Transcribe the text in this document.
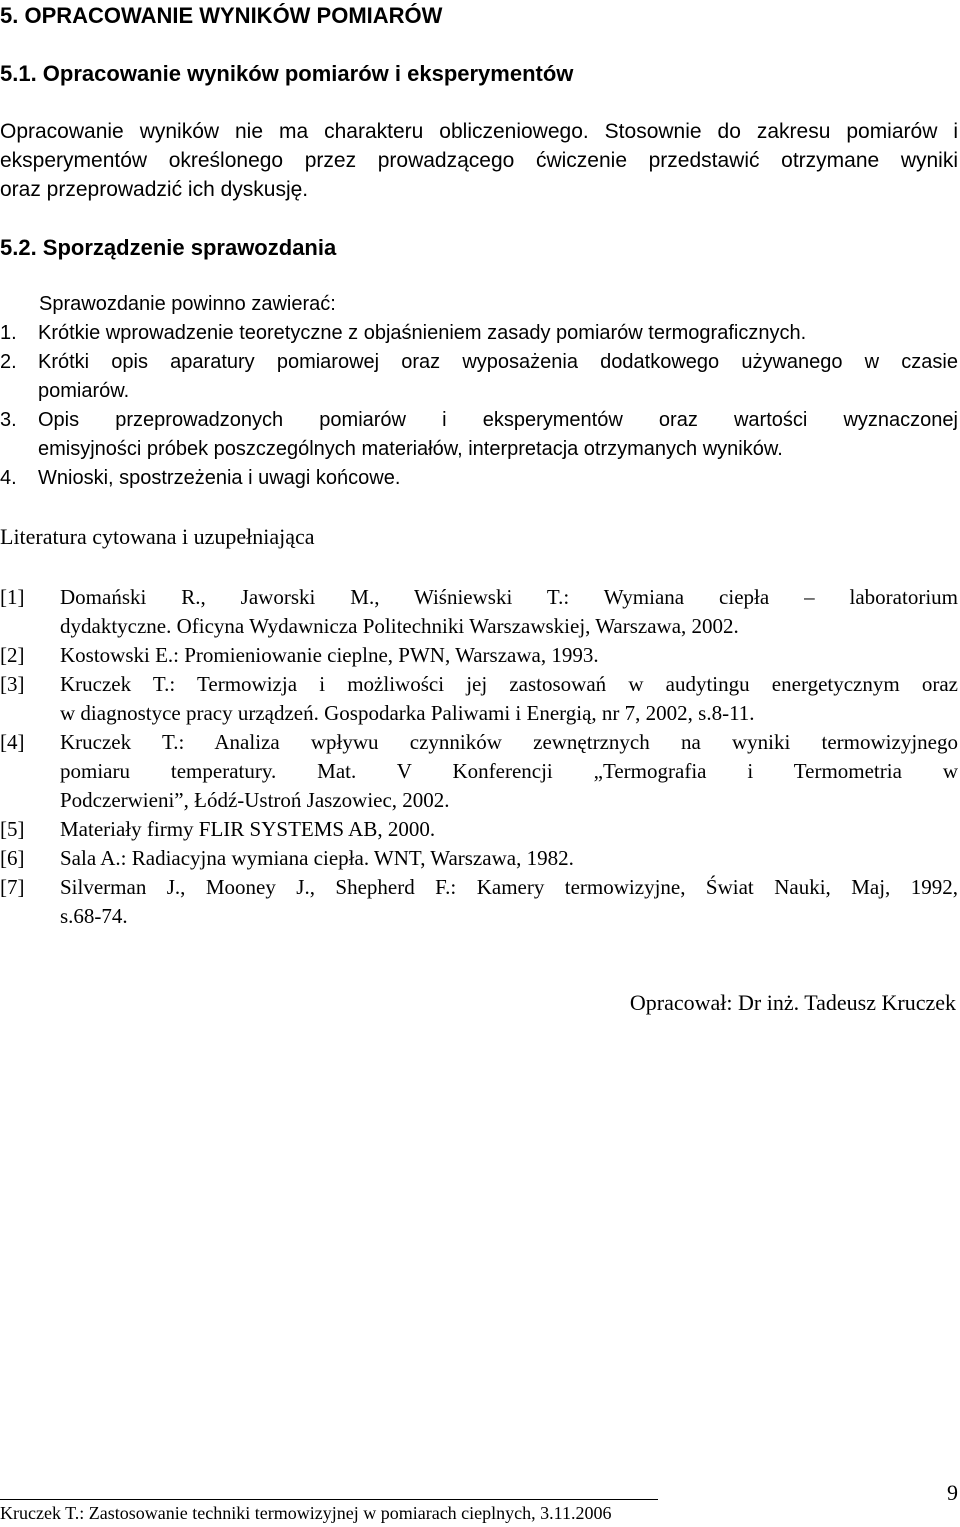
5. OPRACOWANIE WYNIKÓW POMIARÓW
5.1. Opracowanie wyników pomiarów i eksperymentów
Opracowanie wyników nie ma charakteru obliczeniowego. Stosownie do zakresu pomiarów i
eksperymentów określonego przez prowadzącego ćwiczenie przedstawić otrzymane wyniki
oraz przeprowadzić ich dyskusję.
5.2. Sporządzenie sprawozdania
Sprawozdanie powinno zawierać:
1. Krótkie wprowadzenie teoretyczne z objaśnieniem zasady pomiarów termograficznych.
2. Krótki opis aparatury pomiarowej oraz wyposażenia dodatkowego używanego w czasie
pomiarów.
3. Opis przeprowadzonych pomiarów i eksperymentów oraz wartości wyznaczonej
emisyjności próbek poszczególnych materiałów, interpretacja otrzymanych wyników.
4. Wnioski, spostrzeżenia i uwagi końcowe.
Literatura cytowana i uzupełniająca
[1] Domański R., Jaworski M., Wiśniewski T.: Wymiana ciepła – laboratorium
dydaktyczne. Oficyna Wydawnicza Politechniki Warszawskiej, Warszawa, 2002.
[2] Kostowski E.: Promieniowanie cieplne, PWN, Warszawa, 1993.
[3] Kruczek T.: Termowizja i możliwości jej zastosowań w audytingu energetycznym oraz
w diagnostyce pracy urządzeń. Gospodarka Paliwami i Energią, nr 7, 2002, s.8-11.
[4] Kruczek T.: Analiza wpływu czynników zewnętrznych na wyniki termowizyjnego
pomiaru temperatury. Mat. V Konferencji „Termografia i Termometria w
Podczerwieni”, Łódź-Ustroń Jaszowiec, 2002.
[5] Materiały firmy FLIR SYSTEMS AB, 2000.
[6] Sala A.: Radiacyjna wymiana ciepła. WNT, Warszawa, 1982.
[7] Silverman J., Mooney J., Shepherd F.: Kamery termowizyjne, Świat Nauki, Maj, 1992,
s.68-74.
Opracował: Dr inż. Tadeusz Kruczek
Kruczek T.: Zastosowanie techniki termowizyjnej w pomiarach cieplnych, 3.11.2006
9
